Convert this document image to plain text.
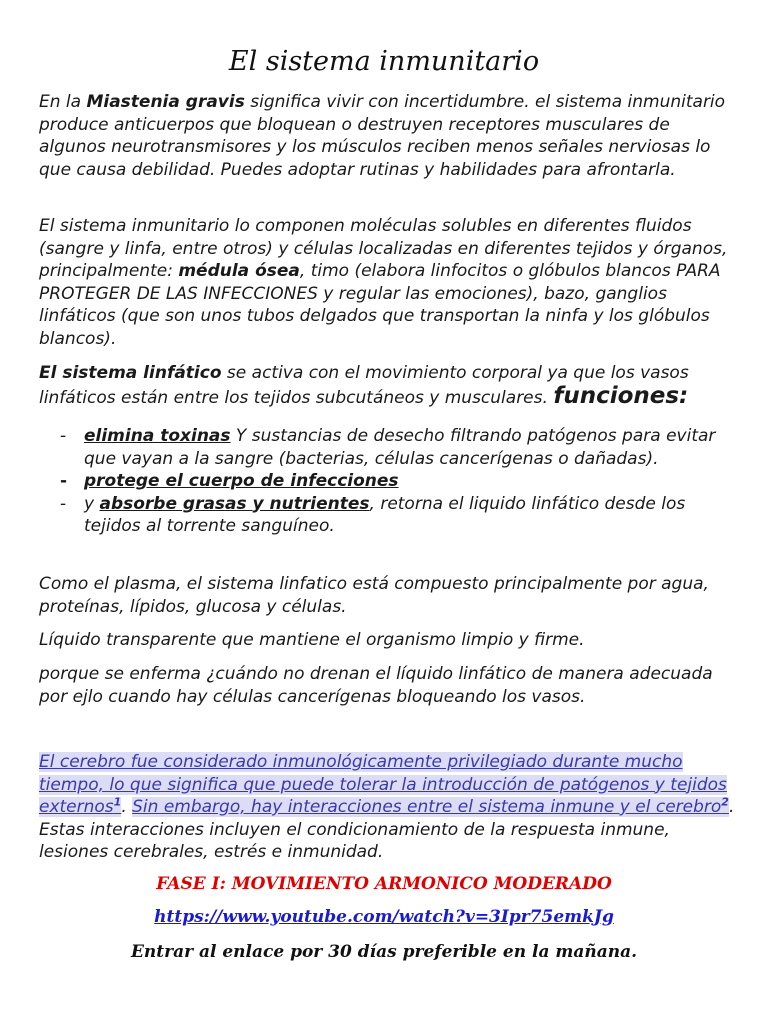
El sistema inmunitario

En la Miastenia gravis significa vivir con incertidumbre. el sistema inmunitario produce anticuerpos que bloquean o destruyen receptores musculares de algunos neurotransmisores y los músculos reciben menos señales nerviosas lo que causa debilidad. Puedes adoptar rutinas y habilidades para afrontarla.

El sistema inmunitario lo componen moléculas solubles en diferentes fluidos (sangre y linfa, entre otros) y células localizadas en diferentes tejidos y órganos, principalmente: médula ósea, timo (elabora linfocitos o glóbulos blancos PARA PROTEGER DE LAS INFECCIONES y regular las emociones), bazo, ganglios linfáticos (que son unos tubos delgados que transportan la ninfa y los glóbulos blancos).

El sistema linfático se activa con el movimiento corporal ya que los vasos linfáticos están entre los tejidos subcutáneos y musculares. funciones:

- elimina toxinas Y sustancias de desecho filtrando patógenos para evitar que vayan a la sangre (bacterias, células cancerígenas o dañadas).
- protege el cuerpo de infecciones
- y absorbe grasas y nutrientes, retorna el liquido linfático desde los tejidos al torrente sanguíneo.

Como el plasma, el sistema linfatico está compuesto principalmente por agua, proteínas, lípidos, glucosa y células.

Líquido transparente que mantiene el organismo limpio y firme.

porque se enferma ¿cuándo no drenan el líquido linfático de manera adecuada por ejlo cuando hay células cancerígenas bloqueando los vasos.

El cerebro fue considerado inmunológicamente privilegiado durante mucho tiempo, lo que significa que puede tolerar la introducción de patógenos y tejidos externos$^1$. Sin embargo, hay interacciones entre el sistema inmune y el cerebro$^2$. Estas interacciones incluyen el condicionamiento de la respuesta inmune, lesiones cerebrales, estrés e inmunidad.

FASE I: MOVIMIENTO ARMONICO MODERADO
https://www.youtube.com/watch?v=3Ipr75emkJg
Entrar al enlace por 30 días preferible en la mañana.
